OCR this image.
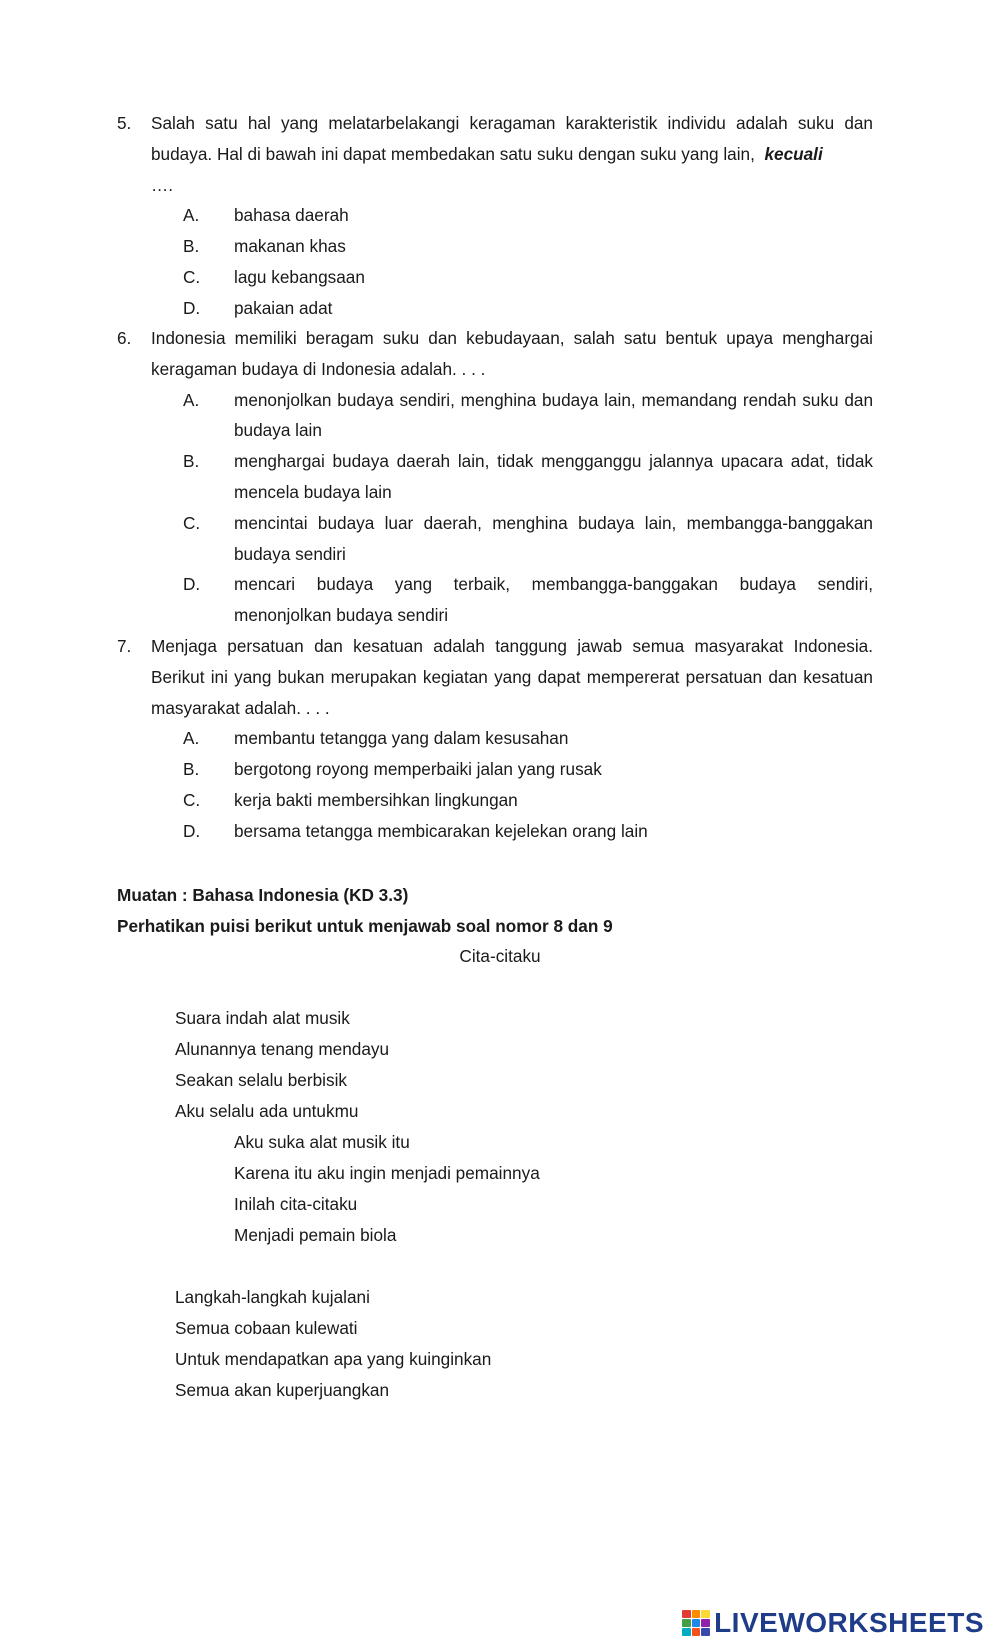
5. Salah satu hal yang melatarbelakangi keragaman karakteristik individu adalah suku dan budaya. Hal di bawah ini dapat membedakan satu suku dengan suku yang lain, kecuali
….

A. bahasa daerah
B. makanan khas
C. lagu kebangsaan
D. pakaian adat
6. Indonesia memiliki beragam suku dan kebudayaan, salah satu bentuk upaya menghargai keragaman budaya di Indonesia adalah. . . .

A. menonjolkan budaya sendiri, menghina budaya lain, memandang rendah suku dan budaya lain
B. menghargai budaya daerah lain, tidak mengganggu jalannya upacara adat, tidak mencela budaya lain
C. mencintai budaya luar daerah, menghina budaya lain, membangga-banggakan budaya sendiri
D. mencari budaya yang terbaik, membangga-banggakan budaya sendiri, menonjolkan budaya sendiri
7. Menjaga persatuan dan kesatuan adalah tanggung jawab semua masyarakat Indonesia. Berikut ini yang bukan merupakan kegiatan yang dapat mempererat persatuan dan kesatuan masyarakat adalah. . . .

A. membantu tetangga yang dalam kesusahan
B. bergotong royong memperbaiki jalan yang rusak
C. kerja bakti membersihkan lingkungan
D. bersama tetangga membicarakan kejelekan orang lain
Muatan : Bahasa Indonesia (KD 3.3)
Perhatikan puisi berikut untuk menjawab soal nomor 8 dan 9
Cita-citaku
Suara indah alat musik
Alunannya tenang mendayu
Seakan selalu berbisik
Aku selalu ada untukmu
Aku suka alat musik itu
Karena itu aku ingin menjadi pemainnya
Inilah cita-citaku
Menjadi pemain biola
Langkah-langkah kujalani
Semua cobaan kulewati
Untuk mendapatkan apa yang kuinginkan
Semua akan kuperjuangkan
LIVEWORKSHEETS
